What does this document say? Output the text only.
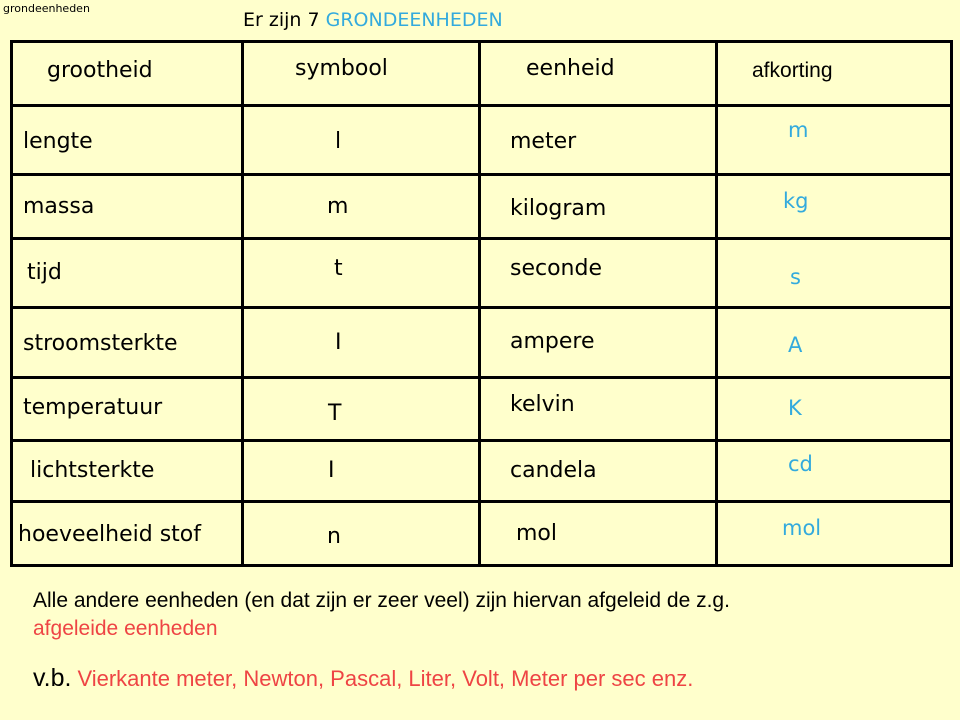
grondeenheden
Er zijn 7 GRONDEENHEDEN
grootheid	symbool	eenheid	afkorting
lengte	l	meter	m
massa	m	kilogram	kg
tijd	t	seconde	s
stroomsterkte	I	ampere	A
temperatuur	T	kelvin	K
lichtsterkte	I	candela	cd
hoeveelheid stof	n	mol	mol
Alle andere eenheden (en dat zijn er zeer veel) zijn hiervan afgeleid de z.g.
afgeleide eenheden
v.b. Vierkante meter, Newton, Pascal, Liter, Volt, Meter per sec enz.
